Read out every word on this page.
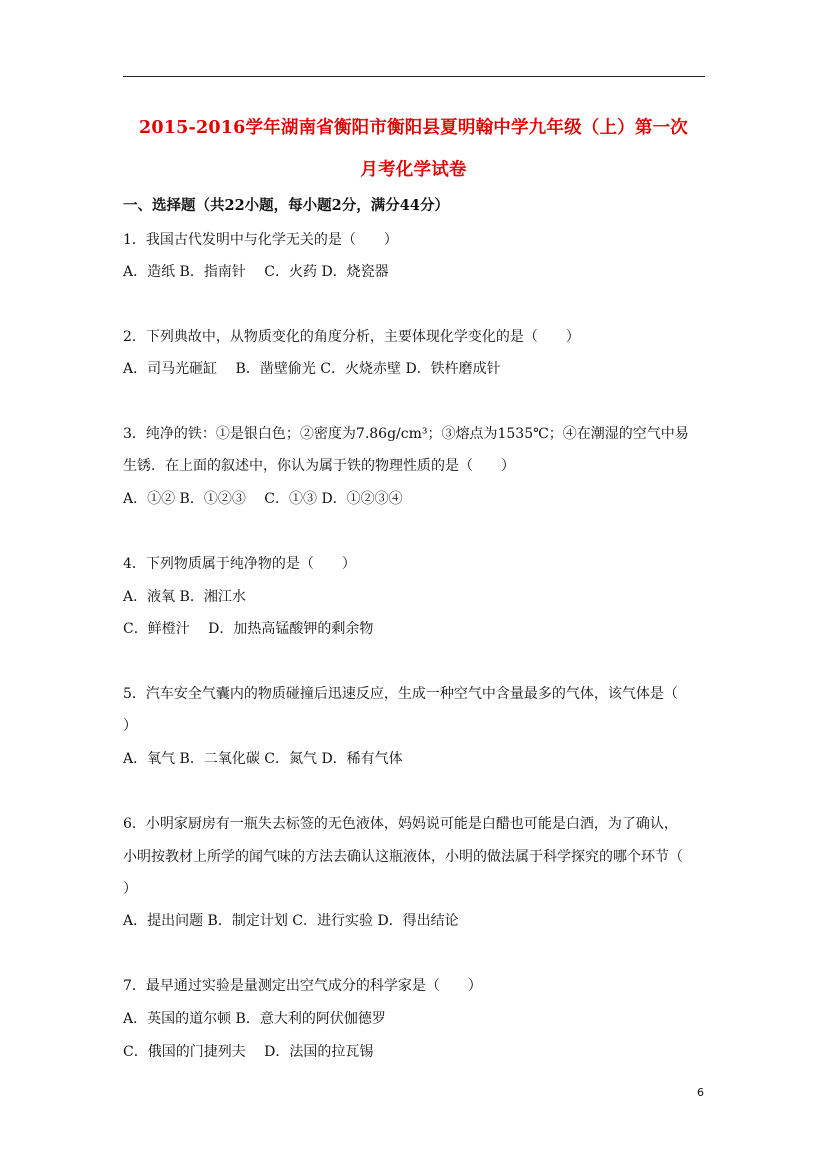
2015-2016学年湖南省衡阳市衡阳县夏明翰中学九年级（上）第一次
月考化学试卷
一、选择题（共22小题，每小题2分，满分44分）
1．我国古代发明中与化学无关的是（　　）
A．造纸 B．指南针　 C．火药 D．烧瓷器
2．下列典故中，从物质变化的角度分析，主要体现化学变化的是（　　）
A．司马光砸缸　 B．凿壁偷光 C．火烧赤壁 D．铁杵磨成针
3．纯净的铁：①是银白色；②密度为7.86g/cm³；③熔点为1535℃；④在潮湿的空气中易
生锈．在上面的叙述中，你认为属于铁的物理性质的是（　　）
A．①② B．①②③　 C．①③ D．①②③④
4．下列物质属于纯净物的是（　　）
A．液氧 B．湘江水
C．鲜橙汁　 D．加热高锰酸钾的剩余物
5．汽车安全气囊内的物质碰撞后迅速反应，生成一种空气中含量最多的气体，该气体是（
）
A．氧气 B．二氧化碳 C．氮气 D．稀有气体
6．小明家厨房有一瓶失去标签的无色液体，妈妈说可能是白醋也可能是白酒，为了确认，
小明按教材上所学的闻气味的方法去确认这瓶液体，小明的做法属于科学探究的哪个环节（
）
A．提出问题 B．制定计划 C．进行实验 D．得出结论
7．最早通过实验是量测定出空气成分的科学家是（　　）
A．英国的道尔顿 B．意大利的阿伏伽德罗
C．俄国的门捷列夫　 D．法国的拉瓦锡
6
